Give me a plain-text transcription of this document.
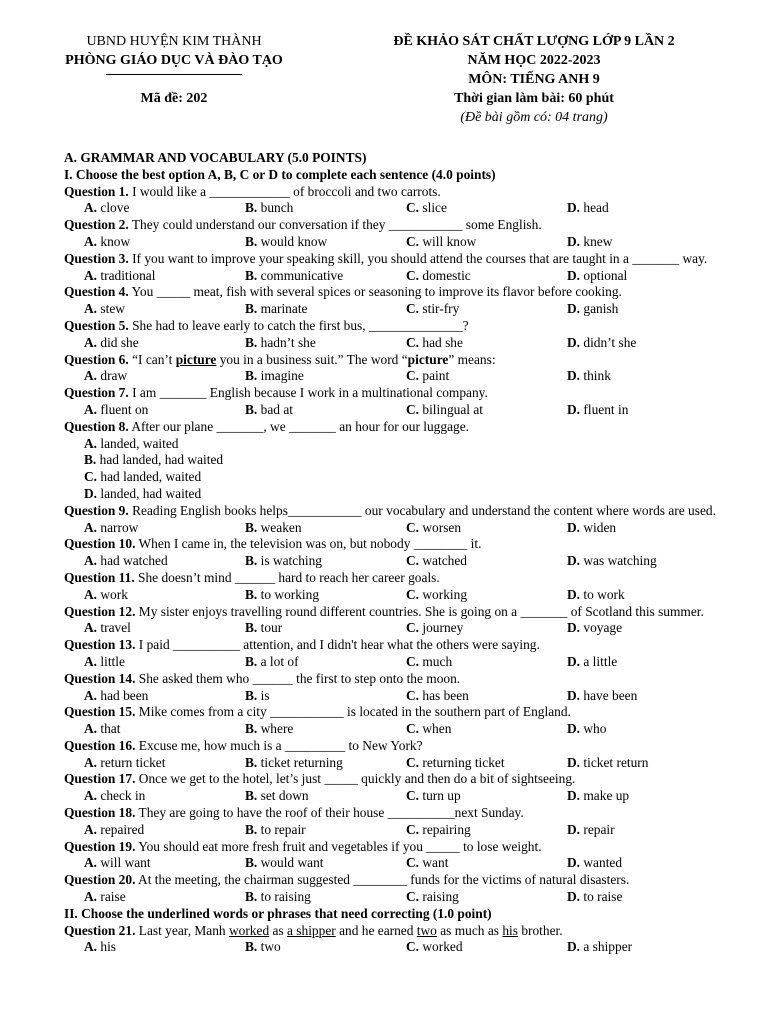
UBND HUYỆN KIM THÀNH
PHÒNG GIÁO DỤC VÀ ĐÀO TẠO
Mã đề: 202
ĐỀ KHẢO SÁT CHẤT LƯỢNG LỚP 9 LẦN 2
NĂM HỌC 2022-2023
MÔN: TIẾNG ANH 9
Thời gian làm bài: 60 phút
(Đề bài gồm có: 04 trang)
A. GRAMMAR AND VOCABULARY (5.0 POINTS)
I. Choose the best option A, B, C or D to complete each sentence (4.0 points)
Question 1. I would like a ____________ of broccoli and two carrots.
A. clove	B. bunch	C. slice	D. head
Question 2. They could understand our conversation if they ___________ some English.
A. know	B. would know	C. will know	D. knew
Question 3. If you want to improve your speaking skill, you should attend the courses that are taught in a _______ way.
A. traditional	B. communicative	C. domestic	D. optional
Question 4. You _____ meat, fish with several spices or seasoning to improve its flavor before cooking.
A. stew	B. marinate	C. stir-fry	D. ganish
Question 5. She had to leave early to catch the first bus, ______________?
A. did she	B. hadn’t she	C. had she	D. didn’t she
Question 6. “I can’t picture you in a business suit.” The word “picture” means:
A. draw	B. imagine	C. paint	D. think
Question 7. I am _______ English because I work in a multinational company.
A. fluent on	B. bad at	C. bilingual at	D. fluent in
Question 8. After our plane _______, we _______ an hour for our luggage.
A. landed, waited
B. had landed, had waited
C. had landed, waited
D. landed, had waited
Question 9. Reading English books helps___________ our vocabulary and understand the content where words are used.
A. narrow	B. weaken	C. worsen	D. widen
Question 10. When I came in, the television was on, but nobody ________ it.
A. had watched	B. is watching	C. watched	D. was watching
Question 11. She doesn’t mind ______ hard to reach her career goals.
A. work	B. to working	C. working	D. to work
Question 12. My sister enjoys travelling round different countries. She is going on a _______ of Scotland this summer.
A. travel	B. tour	C. journey	D. voyage
Question 13. I paid __________ attention, and I didn't hear what the others were saying.
A. little	B. a lot of	C. much	D. a little
Question 14. She asked them who ______ the first to step onto the moon.
A. had been	B. is	C. has been	D. have been
Question 15. Mike comes from a city ___________ is located in the southern part of England.
A. that	B. where	C. when	D. who
Question 16. Excuse me, how much is a _________ to New York?
A. return ticket	B. ticket returning	C. returning ticket	D. ticket return
Question 17. Once we get to the hotel, let’s just _____ quickly and then do a bit of sightseeing.
A. check in	B. set down	C. turn up	D. make up
Question 18. They are going to have the roof of their house __________next Sunday.
A. repaired	B. to repair	C. repairing	D. repair
Question 19. You should eat more fresh fruit and vegetables if you _____ to lose weight.
A. will want	B. would want	C. want	D. wanted
Question 20. At the meeting, the chairman suggested ________ funds for the victims of natural disasters.
A. raise	B. to raising	C. raising	D. to raise
II. Choose the underlined words or phrases that need correcting (1.0 point)
Question 21. Last year, Manh worked as a shipper and he earned two as much as his brother.
A. his	B. two	C. worked	D. a shipper
